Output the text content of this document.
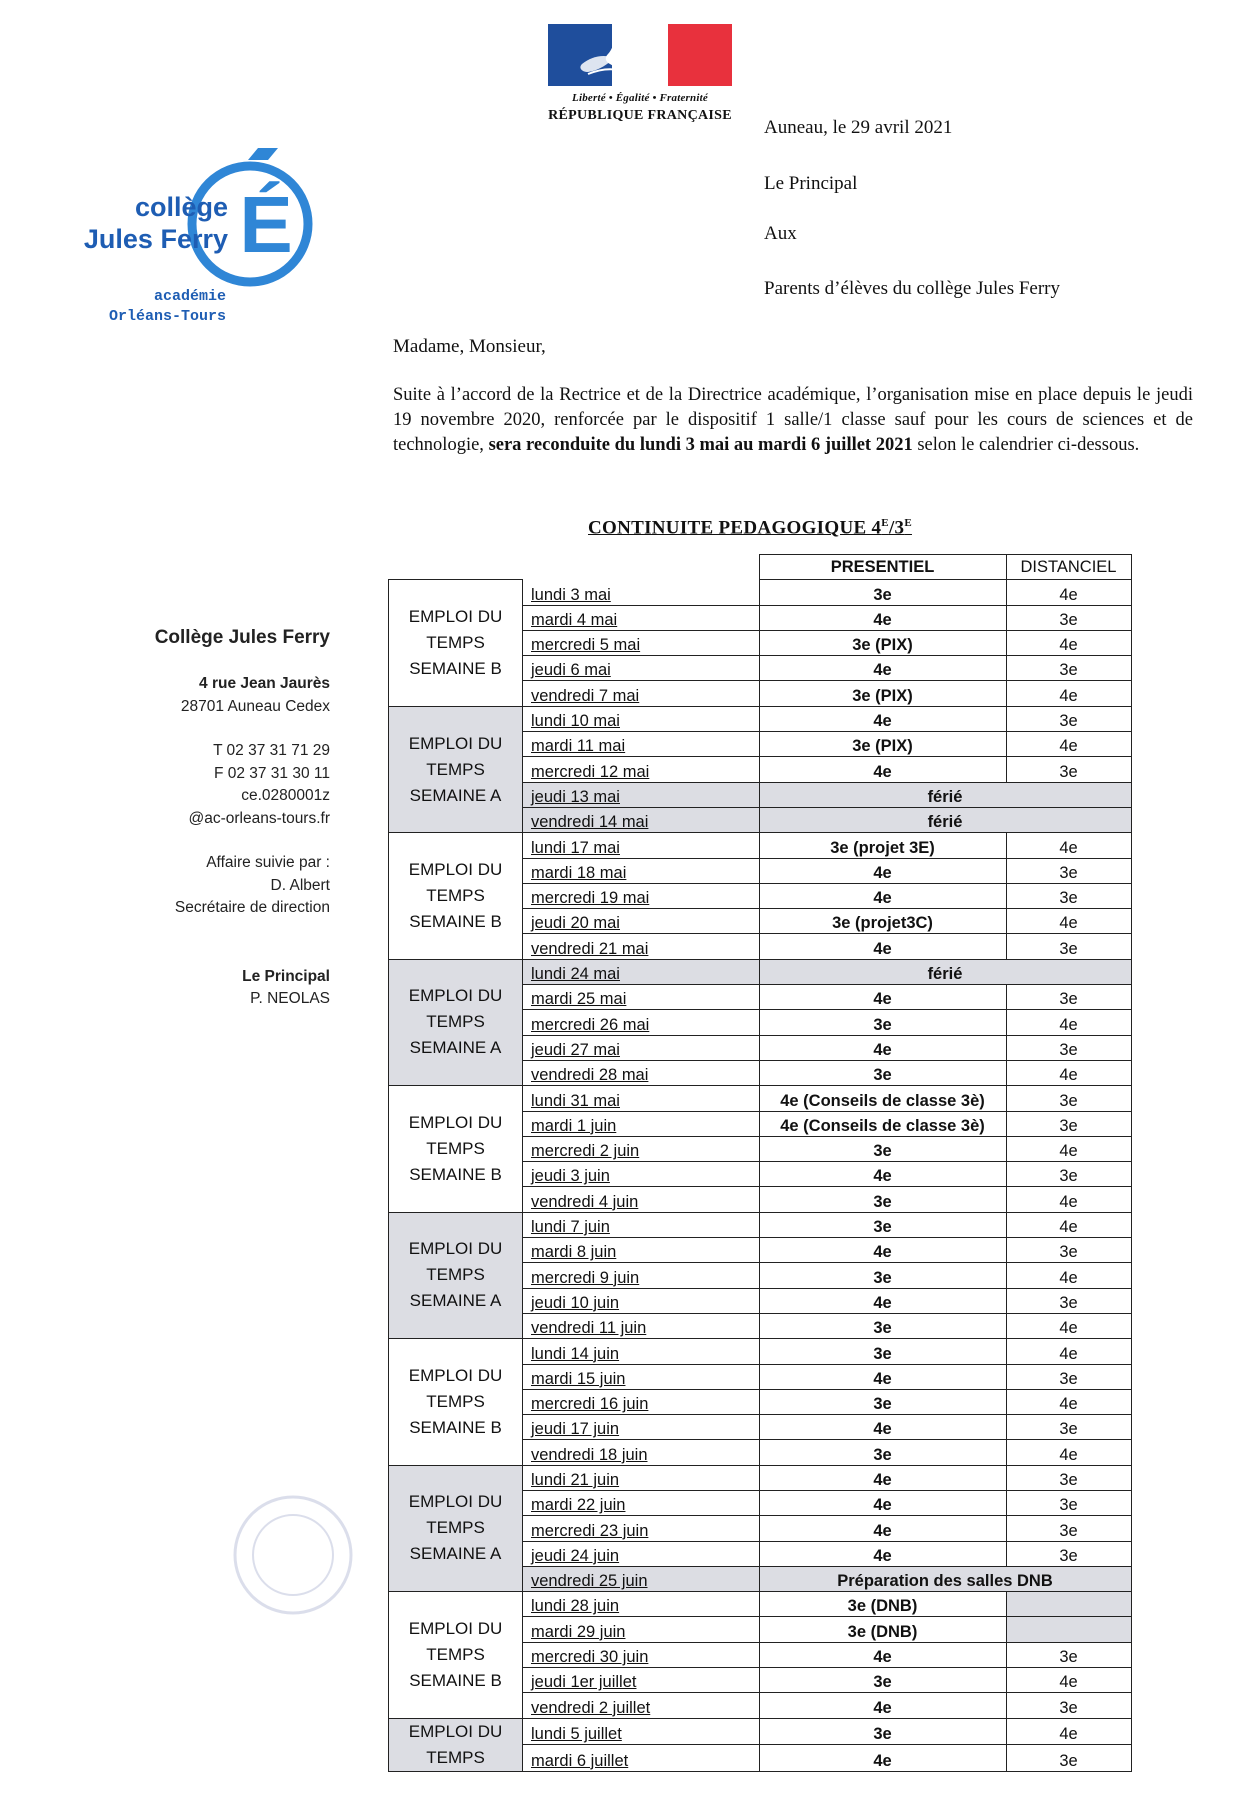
Liberté • Égalité • Fraternité
RÉPUBLIQUE FRANÇAISE
É
collège
Jules Ferry
académie
Orléans-Tours
Auneau, le 29 avril 2021
Le Principal
Aux
Parents d’élèves du collège Jules Ferry
Madame, Monsieur,
Suite à l’accord de la Rectrice et de la Directrice académique, l’organisation mise en place depuis le jeudi 19 novembre 2020, renforcée par le dispositif 1 salle/1 classe sauf pour les cours de sciences et de technologie, sera reconduite du lundi 3 mai au mardi 6 juillet 2021 selon le calendrier ci-dessous.
Collège Jules Ferry
4 rue Jean Jaurès
28701 Auneau Cedex
T 02 37 31 71 29
F 02 37 31 30 11
ce.0280001z
@ac-orleans-tours.fr
Affaire suivie par :
D. Albert
Secrétaire de direction
Le Principal
P. NEOLAS
CONTINUITE PEDAGOGIQUE $4^E/3^E$
		PRESENTIEL	DISTANCIEL

EMPLOI DU
TEMPS
SEMAINE B	lundi 3 mai	3e	4e
	mardi 4 mai	4e	3e
	mercredi 5 mai	3e (PIX)	4e
	jeudi 6 mai	4e	3e
	vendredi 7 mai	3e (PIX)	4e

EMPLOI DU
TEMPS
SEMAINE A	lundi 10 mai	4e	3e
	mardi 11 mai	3e (PIX)	4e
	mercredi 12 mai	4e	3e
	jeudi 13 mai	férié	
	vendredi 14 mai	férié	

EMPLOI DU
TEMPS
SEMAINE B	lundi 17 mai	3e (projet 3E)	4e
	mardi 18 mai	4e	3e
	mercredi 19 mai	4e	3e
	jeudi 20 mai	3e (projet3C)	4e
	vendredi 21 mai	4e	3e

EMPLOI DU
TEMPS
SEMAINE A	lundi 24 mai	férié	
	mardi 25 mai	4e	3e
	mercredi 26 mai	3e	4e
	jeudi 27 mai	4e	3e
	vendredi 28 mai	3e	4e

EMPLOI DU
TEMPS
SEMAINE B	lundi 31 mai	4e (Conseils de classe 3è)	3e
	mardi 1 juin	4e (Conseils de classe 3è)	3e
	mercredi 2 juin	3e	4e
	jeudi 3 juin	4e	3e
	vendredi 4 juin	3e	4e

EMPLOI DU
TEMPS
SEMAINE A	lundi 7 juin	3e	4e
	mardi 8 juin	4e	3e
	mercredi 9 juin	3e	4e
	jeudi 10 juin	4e	3e
	vendredi 11 juin	3e	4e

EMPLOI DU
TEMPS
SEMAINE B	lundi 14 juin	3e	4e
	mardi 15 juin	4e	3e
	mercredi 16 juin	3e	4e
	jeudi 17 juin	4e	3e
	vendredi 18 juin	3e	4e

EMPLOI DU
TEMPS
SEMAINE A	lundi 21 juin	4e	3e
	mardi 22 juin	4e	3e
	mercredi 23 juin	4e	3e
	jeudi 24 juin	4e	3e
	vendredi 25 juin	Préparation des salles DNB	

EMPLOI DU
TEMPS
SEMAINE B	lundi 28 juin	3e (DNB)	
	mardi 29 juin	3e (DNB)	
	mercredi 30 juin	4e	3e
	jeudi 1er juillet	3e	4e
	vendredi 2 juillet	4e	3e

EMPLOI DU
TEMPS	lundi 5 juillet	3e	4e
	mardi 6 juillet	4e	3e
